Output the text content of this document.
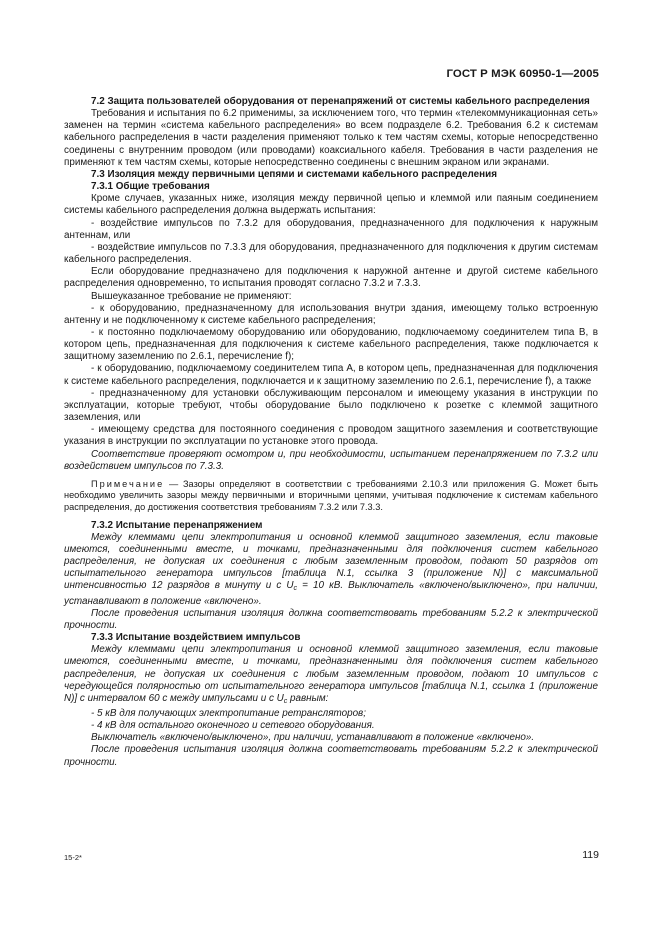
ГОСТ Р МЭК 60950-1—2005

7.2 Защита пользователей оборудования от перенапряжений от системы кабельного распределения

Требования и испытания по 6.2 применимы, за исключением того, что термин «телекоммуникационная сеть» заменен на термин «система кабельного распределения» во всем подразделе 6.2. Требования 6.2 к системам кабельного распределения в части разделения применяют только к тем частям схемы, которые непосредственно соединены с внутренним проводом (или проводами) коаксиального кабеля. Требования в части разделения не применяют к тем частям схемы, которые непосредственно соединены с внешним экраном или экранами.

7.3 Изоляция между первичными цепями и системами кабельного распределения

7.3.1 Общие требования

Кроме случаев, указанных ниже, изоляция между первичной цепью и клеммой или паяным соединением системы кабельного распределения должна выдержать испытания:

- воздействие импульсов по 7.3.2 для оборудования, предназначенного для подключения к наружным антеннам, или

- воздействие импульсов по 7.3.3 для оборудования, предназначенного для подключения к другим системам кабельного распределения.

Если оборудование предназначено для подключения к наружной антенне и другой системе кабельного распределения одновременно, то испытания проводят согласно 7.3.2 и 7.3.3.

Вышеуказанное требование не применяют:

- к оборудованию, предназначенному для использования внутри здания, имеющему только встроенную антенну и не подключенному к системе кабельного распределения;

- к постоянно подключаемому оборудованию или оборудованию, подключаемому соединителем типа B, в котором цепь, предназначенная для подключения к системе кабельного распределения, также подключается к защитному заземлению по 2.6.1, перечисление f);

- к оборудованию, подключаемому соединителем типа A, в котором цепь, предназначенная для подключения к системе кабельного распределения, подключается и к защитному заземлению по 2.6.1, перечисление f), а также

- предназначенному для установки обслуживающим персоналом и имеющему указания в инструкции по эксплуатации, которые требуют, чтобы оборудование было подключено к розетке с клеммой защитного заземления, или

- имеющему средства для постоянного соединения с проводом защитного заземления и соответствующие указания в инструкции по эксплуатации по установке этого провода.

Соответствие проверяют осмотром и, при необходимости, испытанием перенапряжением по 7.3.2 или воздействием импульсов по 7.3.3.

Примечание — Зазоры определяют в соответствии с требованиями 2.10.3 или приложения G. Может быть необходимо увеличить зазоры между первичными и вторичными цепями, учитывая подключение к системам кабельного распределения, до достижения соответствия требованиям 7.3.2 или 7.3.3.

7.3.2 Испытание перенапряжением

Между клеммами цепи электропитания и основной клеммой защитного заземления, если таковые имеются, соединенными вместе, и точками, предназначенными для подключения систем кабельного распределения, не допуская их соединения с любым заземленным проводом, подают 50 разрядов от испытательного генератора импульсов [таблица N.1, ссылка 3 (приложение N)] с максимальной интенсивностью 12 разрядов в минуту и с $U_c = 10$ кВ. Выключатель «включено/выключено», при наличии, устанавливают в положение «включено».

После проведения испытания изоляция должна соответствовать требованиям 5.2.2 к электрической прочности.

7.3.3 Испытание воздействием импульсов

Между клеммами цепи электропитания и основной клеммой защитного заземления, если таковые имеются, соединенными вместе, и точками, предназначенными для подключения систем кабельного распределения, не допуская их соединения с любым заземленным проводом, подают 10 импульсов с чередующейся полярностью от испытательного генератора импульсов [таблица N.1, ссылка 1 (приложение N)] с интервалом 60 с между импульсами и с $U_c$ равным:

- 5 кВ для получающих электропитание ретрансляторов;

- 4 кВ для остального оконечного и сетевого оборудования.

Выключатель «включено/выключено», при наличии, устанавливают в положение «включено».

После проведения испытания изоляция должна соответствовать требованиям 5.2.2 к электрической прочности.

15-2*	119
